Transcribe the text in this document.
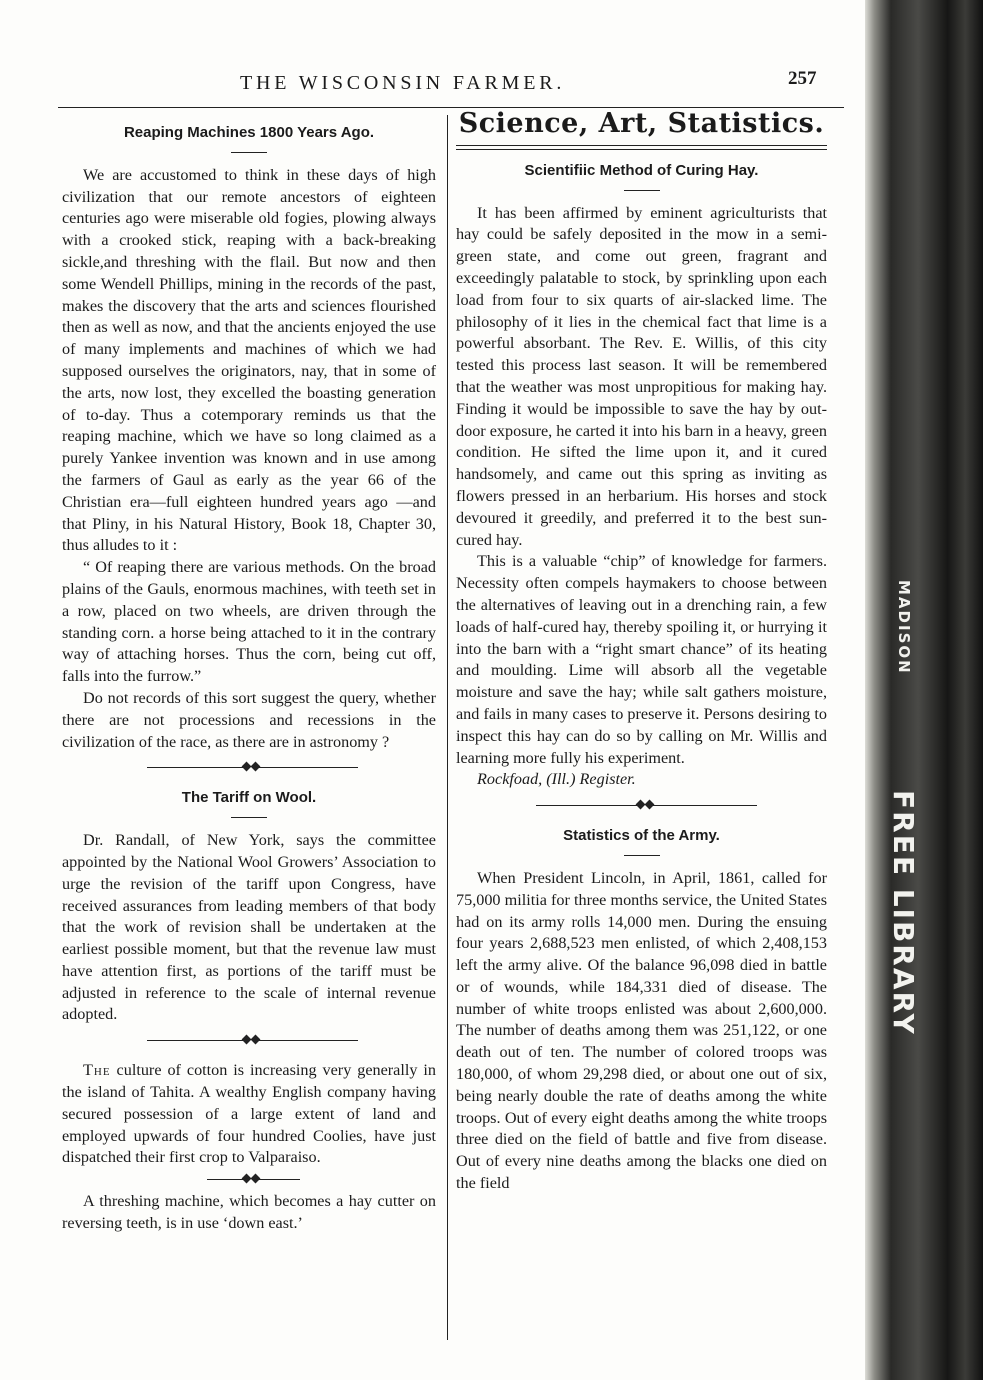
MADISON
FREE LIBRARY
THE WISCONSIN FARMER.	257
Reaping Machines 1800 Years Ago.

We are accustomed to think in these days of high civilization that our remote ancestors of eighteen centuries ago were miserable old fogies, plowing always with a crooked stick, reaping with a back-breaking sickle,and threshing with the flail. But now and then some Wendell Phillips, mining in the records of the past, makes the discovery that the arts and sciences flourished then as well as now, and that the ancients enjoyed the use of many implements and machines of which we had supposed ourselves the originators, nay, that in some of the arts, now lost, they excelled the boasting generation of to-day. Thus a cotemporary reminds us that the reaping machine, which we have so long claimed as a purely Yankee invention was known and in use among the farmers of Gaul as early as the year 66 of the Christian era—full eighteen hundred years ago —and that Pliny, in his Natural History, Book 18, Chapter 30, thus alludes to it :

“ Of reaping there are various methods. On the broad plains of the Gauls, enormous machines, with teeth set in a row, placed on two wheels, are driven through the standing corn. a horse being attached to it in the contrary way of attaching horses. Thus the corn, being cut off, falls into the furrow.”

Do not records of this sort suggest the query, whether there are not processions and recessions in the civilization of the race, as there are in astronomy ?

The Tariff on Wool.

Dr. Randall, of New York, says the committee appointed by the National Wool Growers’ Association to urge the revision of the tariff upon Congress, have received assurances from leading members of that body that the work of revision shall be undertaken at the earliest possible moment, but that the revenue law must have attention first, as portions of the tariff must be adjusted in reference to the scale of internal revenue adopted.

The culture of cotton is increasing very generally in the island of Tahita. A wealthy English company having secured possession of a large extent of land and employed upwards of four hundred Coolies, have just dispatched their first crop to Valparaiso.

A threshing machine, which becomes a hay cutter on reversing teeth, is in use ‘down east.’

Science, Art, Statistics.
Scientifiic Method of Curing Hay.

It has been affirmed by eminent agriculturists that hay could be safely deposited in the mow in a semi-green state, and come out green, fragrant and exceedingly palatable to stock, by sprinkling upon each load from four to six quarts of air-slacked lime. The philosophy of it lies in the chemical fact that lime is a powerful absorbant. The Rev. E. Willis, of this city tested this process last season. It will be remembered that the weather was most unpropitious for making hay. Finding it would be impossible to save the hay by out-door exposure, he carted it into his barn in a heavy, green condition. He sifted the lime upon it, and it cured handsomely, and came out this spring as inviting as flowers pressed in an herbarium. His horses and stock devoured it greedily, and preferred it to the best sun-cured hay.

This is a valuable “chip” of knowledge for farmers. Necessity often compels haymakers to choose between the alternatives of leaving out in a drenching rain, a few loads of half-cured hay, thereby spoiling it, or hurrying it into the barn with a “right smart chance” of its heating and moulding. Lime will absorb all the vegetable moisture and save the hay; while salt gathers moisture, and fails in many cases to preserve it. Persons desiring to inspect this hay can do so by calling on Mr. Willis and learning more fully his experiment.

Rockfoad, (Ill.) Register.

Statistics of the Army.

When President Lincoln, in April, 1861, called for 75,000 militia for three months service, the United States had on its army rolls 14,000 men. During the ensuing four years 2,688,523 men enlisted, of which 2,408,153 left the army alive. Of the balance 96,098 died in battle or of wounds, while 184,331 died of disease. The number of white troops enlisted was about 2,600,000. The number of deaths among them was 251,122, or one death out of ten. The number of colored troops was 180,000, of whom 29,298 died, or about one out of six, being nearly double the rate of deaths among the white troops. Out of every eight deaths among the white troops three died on the field of battle and five from disease. Out of every nine deaths among the blacks one died on the field
